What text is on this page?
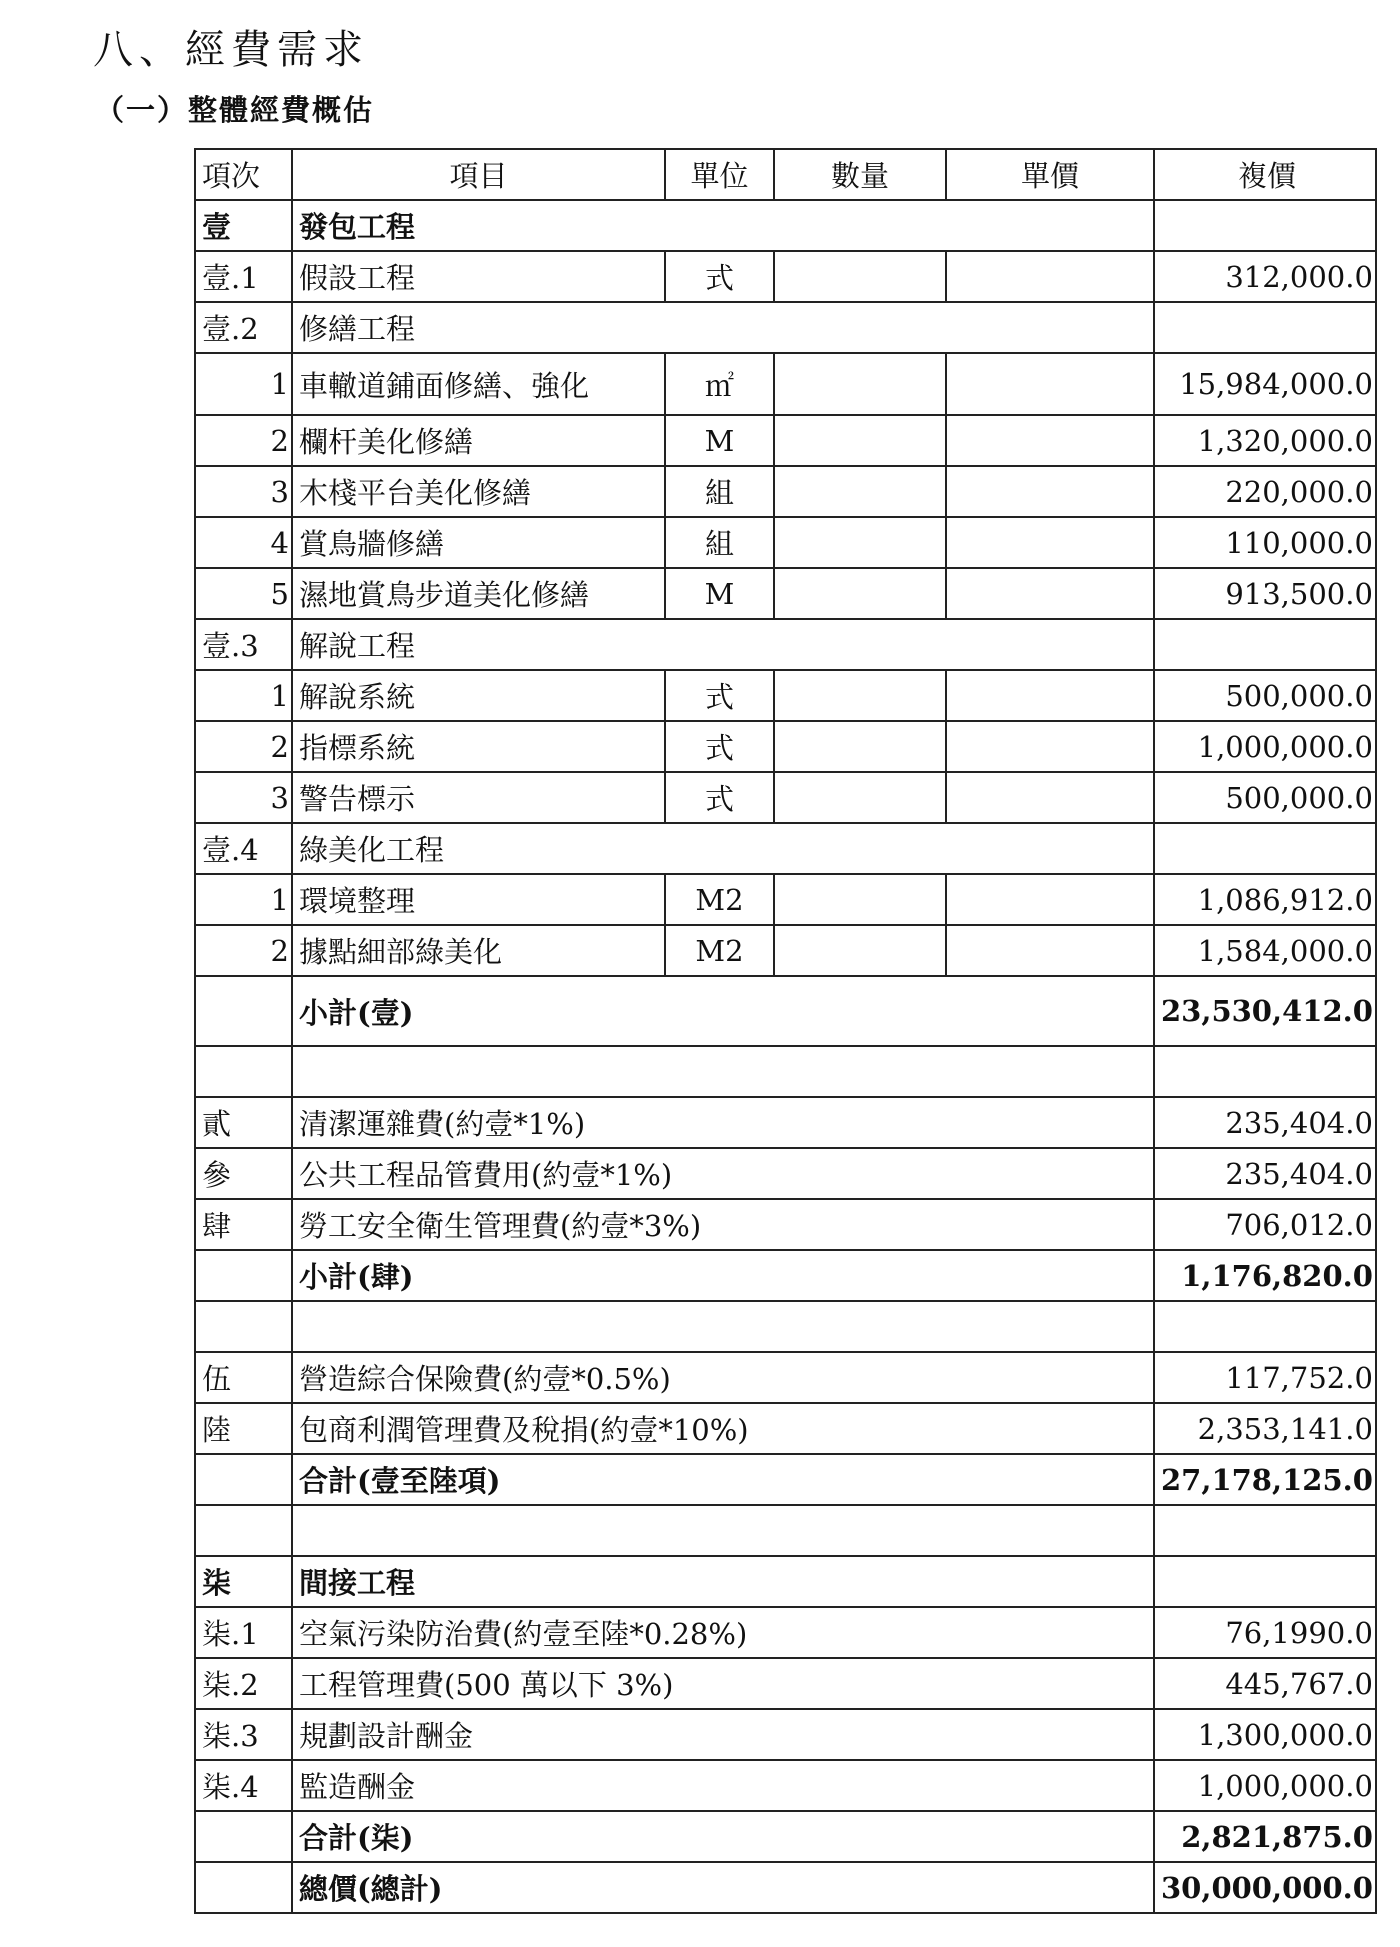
八、經費需求
（一）整體經費概估
項次	項目	單位	數量	單價	複價
壹	發包工程				
壹.1	假設工程	式			312,000.0
壹.2	修繕工程				
1	車轍道鋪面修繕、強化	㎡			15,984,000.0
2	欄杆美化修繕	M			1,320,000.0
3	木棧平台美化修繕	組			220,000.0
4	賞鳥牆修繕	組			110,000.0
5	濕地賞鳥步道美化修繕	M			913,500.0
壹.3	解說工程				
1	解說系統	式			500,000.0
2	指標系統	式			1,000,000.0
3	警告標示	式			500,000.0
壹.4	綠美化工程				
1	環境整理	M2			1,086,912.0
2	據點細部綠美化	M2			1,584,000.0
	小計(壹)				23,530,412.0

貳	清潔運雜費(約壹*1%)				235,404.0
參	公共工程品管費用(約壹*1%)				235,404.0
肆	勞工安全衛生管理費(約壹*3%)				706,012.0
	小計(肆)				1,176,820.0

伍	營造綜合保險費(約壹*0.5%)				117,752.0
陸	包商利潤管理費及稅捐(約壹*10%)				2,353,141.0
	合計(壹至陸項)				27,178,125.0

柒	間接工程				
柒.1	空氣污染防治費(約壹至陸*0.28%)				76,1990.0
柒.2	工程管理費(500 萬以下 3%)				445,767.0
柒.3	規劃設計酬金				1,300,000.0
柒.4	監造酬金				1,000,000.0
	合計(柒)				2,821,875.0
	總價(總計)				30,000,000.0
